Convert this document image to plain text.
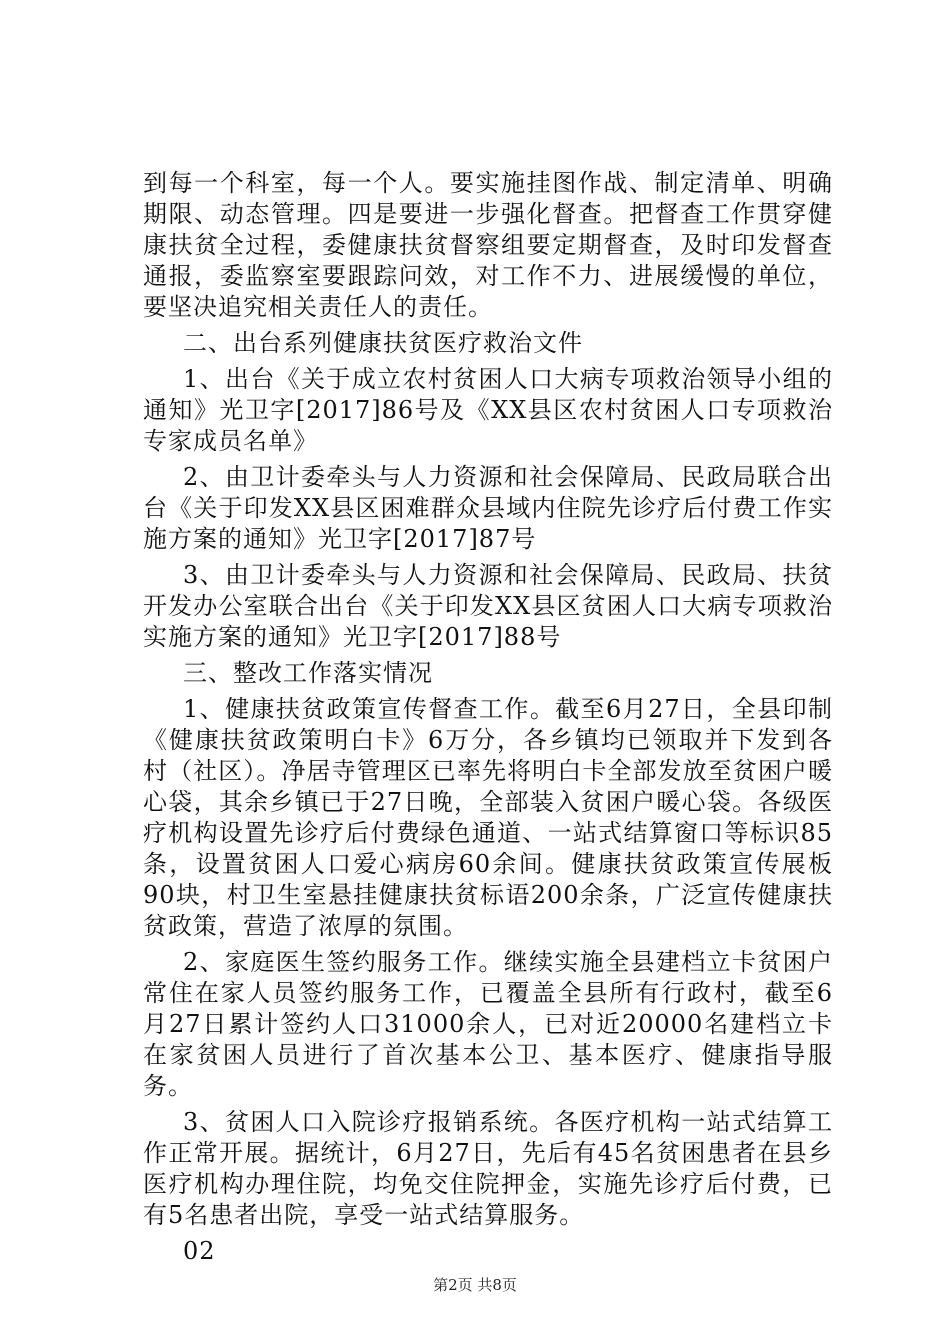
到每一个科室，每一个人。要实施挂图作战、制定清单、明确期限、动态管理。四是要进一步强化督查。把督查工作贯穿健康扶贫全过程，委健康扶贫督察组要定期督查，及时印发督查通报，委监察室要跟踪问效，对工作不力、进展缓慢的单位，要坚决追究相关责任人的责任。

二、出台系列健康扶贫医疗救治文件

1、出台《关于成立农村贫困人口大病专项救治领导小组的通知》光卫字[2017]86号及《XX县区农村贫困人口专项救治专家成员名单》

2、由卫计委牵头与人力资源和社会保障局、民政局联合出台《关于印发XX县区困难群众县域内住院先诊疗后付费工作实施方案的通知》光卫字[2017]87号

3、由卫计委牵头与人力资源和社会保障局、民政局、扶贫开发办公室联合出台《关于印发XX县区贫困人口大病专项救治实施方案的通知》光卫字[2017]88号

三、整改工作落实情况

1、健康扶贫政策宣传督查工作。截至6月27日，全县印制《健康扶贫政策明白卡》6万分，各乡镇均已领取并下发到各村（社区）。净居寺管理区已率先将明白卡全部发放至贫困户暖心袋，其余乡镇已于27日晚，全部装入贫困户暖心袋。各级医疗机构设置先诊疗后付费绿色通道、一站式结算窗口等标识85条，设置贫困人口爱心病房60余间。健康扶贫政策宣传展板90块，村卫生室悬挂健康扶贫标语200余条，广泛宣传健康扶贫政策，营造了浓厚的氛围。

2、家庭医生签约服务工作。继续实施全县建档立卡贫困户常住在家人员签约服务工作，已覆盖全县所有行政村，截至6月27日累计签约人口31000余人，已对近20000名建档立卡在家贫困人员进行了首次基本公卫、基本医疗、健康指导服务。

3、贫困人口入院诊疗报销系统。各医疗机构一站式结算工作正常开展。据统计，6月27日，先后有45名贫困患者在县乡医疗机构办理住院，均免交住院押金，实施先诊疗后付费，已有5名患者出院，享受一站式结算服务。

02

第2页 共8页
